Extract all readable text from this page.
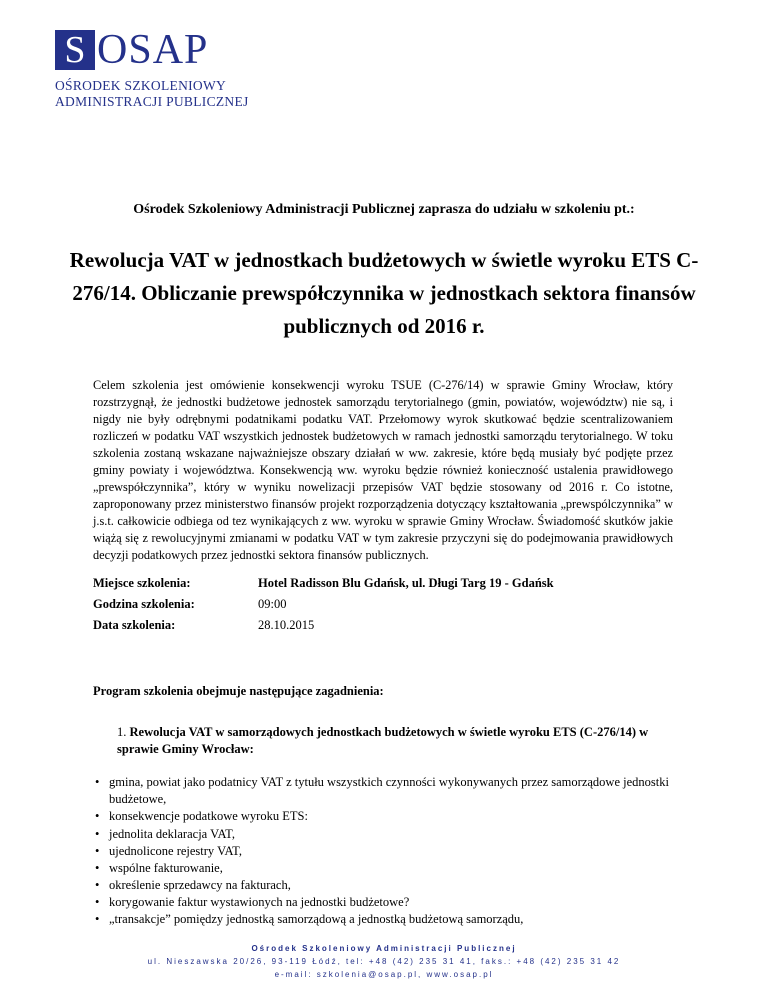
S OSAP
OŚRODEK SZKOLENIOWY
ADMINISTRACJI PUBLICZNEJ
Ośrodek Szkoleniowy Administracji Publicznej zaprasza do udziału w szkoleniu pt.:
Rewolucja VAT w jednostkach budżetowych w świetle wyroku ETS C-276/14. Obliczanie prewspółczynnika w jednostkach sektora finansów publicznych od 2016 r.

Celem szkolenia jest omówienie konsekwencji wyroku TSUE (C-276/14) w sprawie Gminy Wrocław, który rozstrzygnął, że jednostki budżetowe jednostek samorządu terytorialnego (gmin, powiatów, województw) nie są, i nigdy nie były odrębnymi podatnikami podatku VAT. Przełomowy wyrok skutkować będzie scentralizowaniem rozliczeń w podatku VAT wszystkich jednostek budżetowych w ramach jednostki samorządu terytorialnego. W toku szkolenia zostaną wskazane najważniejsze obszary działań w ww. zakresie, które będą musiały być podjęte przez gminy powiaty i województwa. Konsekwencją ww. wyroku będzie również konieczność ustalenia prawidłowego „prewspółczynnika”, który w wyniku nowelizacji przepisów VAT będzie stosowany od 2016 r. Co istotne, zaproponowany przez ministerstwo finansów projekt rozporządzenia dotyczący kształtowania „prewspólczynnika” w j.s.t. całkowicie odbiega od tez wynikających z ww. wyroku w sprawie Gminy Wrocław. Świadomość skutków jakie wiążą się z rewolucyjnymi zmianami w podatku VAT w tym zakresie przyczyni się do podejmowania prawidłowych decyzji podatkowych przez jednostki sektora finansów publicznych.

Miejsce szkolenia:	Hotel Radisson Blu Gdańsk, ul. Długi Targ 19 - Gdańsk
Godzina szkolenia:	09:00
Data szkolenia:	28.10.2015
Program szkolenia obejmuje następujące zagadnienia:
1. Rewolucja VAT w samorządowych jednostkach budżetowych w świetle wyroku ETS (C-276/14) w sprawie Gminy Wrocław:
• gmina, powiat jako podatnicy VAT z tytułu wszystkich czynności wykonywanych przez samorządowe jednostki budżetowe,
• konsekwencje podatkowe wyroku ETS:
• jednolita deklaracja VAT,
• ujednolicone rejestry VAT,
• wspólne fakturowanie,
• określenie sprzedawcy na fakturach,
• korygowanie faktur wystawionych na jednostki budżetowe?
• „transakcje” pomiędzy jednostką samorządową a jednostką budżetową samorządu,
Ośrodek Szkoleniowy Administracji Publicznej
ul. Nieszawska 20/26, 93-119 Łódź, tel: +48 (42) 235 31 41, faks.: +48 (42) 235 31 42
e-mail: szkolenia@osap.pl, www.osap.pl
